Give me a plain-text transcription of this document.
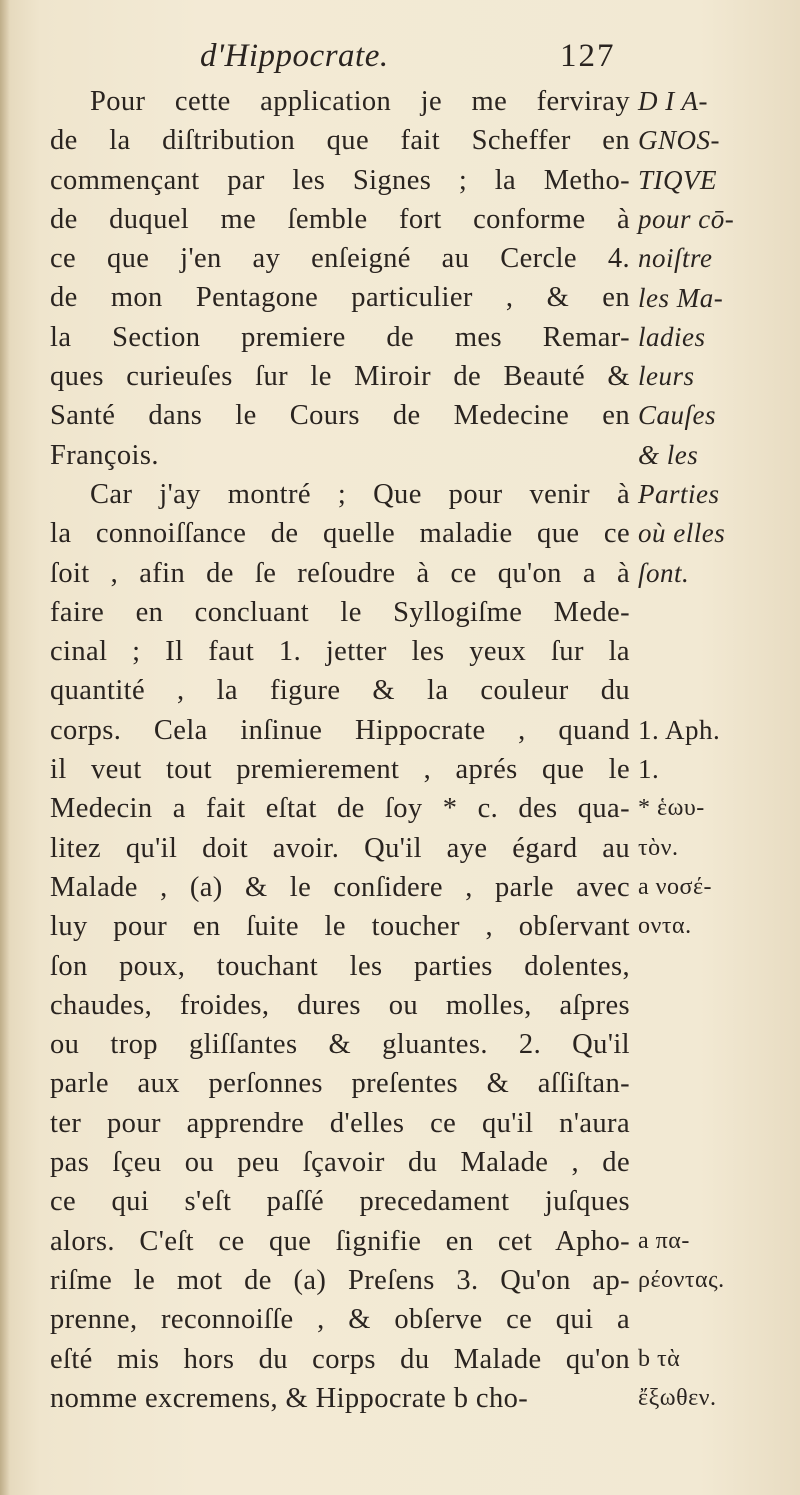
d'Hippocrate.	127
Pour cette application je me ferviray
de la diſtribution que fait Scheffer en
commençant par les Signes ; la Metho-
de duquel me ſemble fort conforme à
ce que j'en ay enſeigné au Cercle 4.
de mon Pentagone particulier , & en
la Section premiere de mes Remar-
ques curieuſes ſur le Miroir de Beauté &
Santé dans le Cours de Medecine en
François.
Car j'ay montré ; Que pour venir à
la connoiſſance de quelle maladie que ce
ſoit , afin de ſe reſoudre à ce qu'on a à
faire en concluant le Syllogiſme Mede-
cinal ; Il faut 1. jetter les yeux ſur la
quantité , la figure & la couleur du
corps. Cela inſinue Hippocrate , quand
il veut tout premierement , aprés que le
Medecin a fait eſtat de ſoy * c. des qua-
litez qu'il doit avoir. Qu'il aye égard au
Malade , (a) & le conſidere , parle avec
luy pour en ſuite le toucher , obſervant
ſon poux, touchant les parties dolentes,
chaudes, froides, dures ou molles, aſpres
ou trop gliſſantes & gluantes. 2. Qu'il
parle aux perſonnes preſentes & aſſiſtan-
ter pour apprendre d'elles ce qu'il n'aura
pas ſçeu ou peu ſçavoir du Malade , de
ce qui s'eſt paſſé precedament juſques
alors. C'eſt ce que ſignifie en cet Apho-
riſme le mot de (a) Preſens 3. Qu'on ap-
prenne, reconnoiſſe , & obſerve ce qui a
eſté mis hors du corps du Malade qu'on
nomme excremens, & Hippocrate b cho-
D I A-
GNOS-
TIQVE
pour cō-
noiſtre
les Ma-
ladies
leurs
Cauſes
& les
Parties
où elles
ſont.
1. Aph.
1.
* ἑωυ-
τὸν.
a νοσέ-
οντα.
a πα-
ρέοντας.
b τὰ
ἔξωθεν.
